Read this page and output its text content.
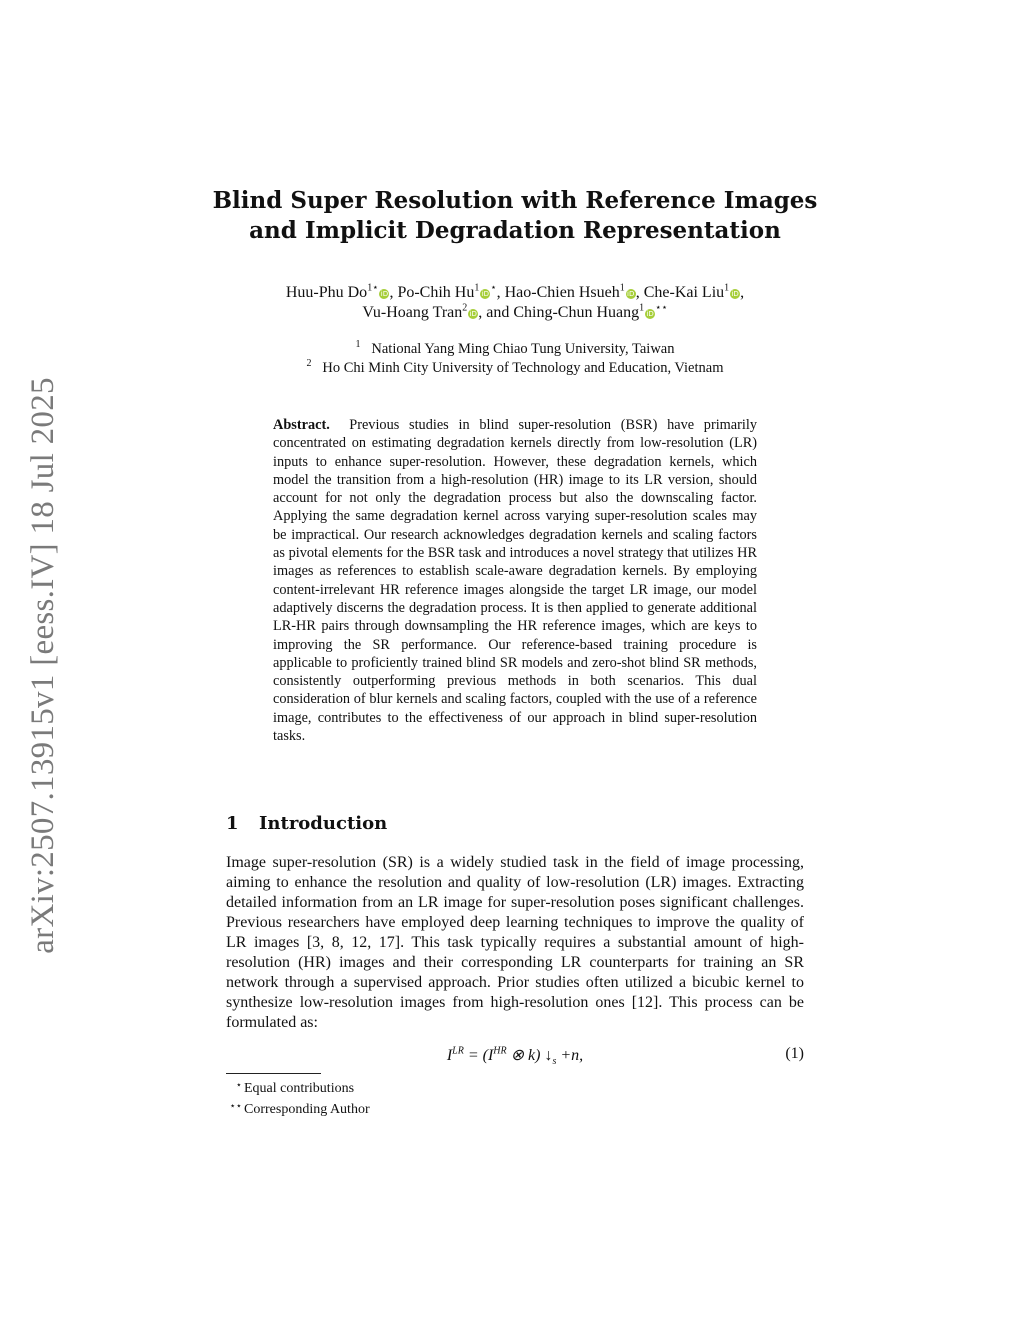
arXiv:2507.13915v1 [eess.IV] 18 Jul 2025
Blind Super Resolution with Reference Images
and Implicit Degradation Representation
Huu-Phu $Do^{1⋆}iD$, Po-Chih Hu$^1$iD⋆, Hao-Chien Hsueh$^1$iD, Che-Kai Liu$^1$iD,
Vu-Hoang Tran$^2$iD, and Ching-Chun Huang$^1$iD⋆⋆
$^1$ National Yang Ming Chiao Tung University, Taiwan
$^2$ Ho Chi Minh City University of Technology and Education, Vietnam
Abstract. Previous studies in blind super-resolution (BSR) have primarily concentrated on estimating degradation kernels directly from low-resolution (LR) inputs to enhance super-resolution. However, these degradation kernels, which model the transition from a high-resolution (HR) image to its LR version, should account for not only the degradation process but also the downscaling factor. Applying the same degradation kernel across varying super-resolution scales may be impractical. Our research acknowledges degradation kernels and scaling factors as pivotal elements for the BSR task and introduces a novel strategy that utilizes HR images as references to establish scale-aware degradation kernels. By employing content-irrelevant HR reference images alongside the target LR image, our model adaptively discerns the degradation process. It is then applied to generate additional LR-HR pairs through downsampling the HR reference images, which are keys to improving the SR performance. Our reference-based training procedure is applicable to proficiently trained blind SR models and zero-shot blind SR methods, consistently outperforming previous methods in both scenarios. This dual consideration of blur kernels and scaling factors, coupled with the use of a reference image, contributes to the effectiveness of our approach in blind super-resolution tasks.
1 Introduction
Image super-resolution (SR) is a widely studied task in the field of image processing, aiming to enhance the resolution and quality of low-resolution (LR) images. Extracting detailed information from an LR image for super-resolution poses significant challenges. Previous researchers have employed deep learning techniques to improve the quality of LR images [3, 8, 12, 17]. This task typically requires a substantial amount of high-resolution (HR) images and their corresponding LR counterparts for training an SR network through a supervised approach. Prior studies often utilized a bicubic kernel to synthesize low-resolution images from high-resolution ones [12]. This process can be formulated as:
$I^{LR} = (I^{HR}$ ⊗ k) $↓_s +n$,	(1)
⋆ Equal contributions
⋆⋆ Corresponding Author
